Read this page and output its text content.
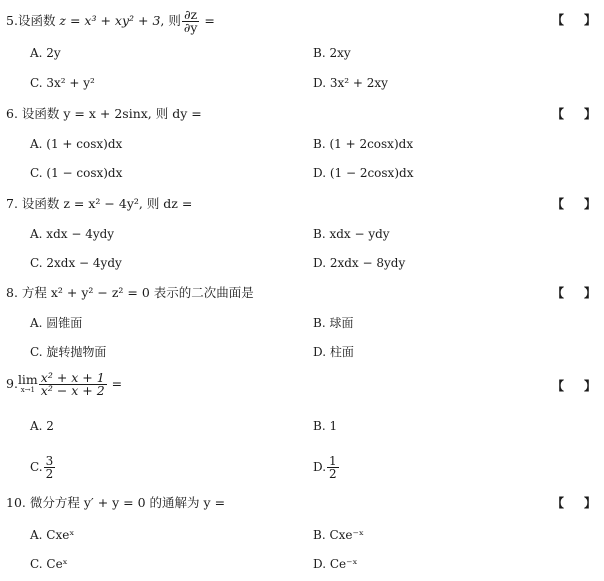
5.设函数 z = x³ + xy² + 3, 则 $\frac{\partial z}{\partial y}$ =	【 】
A. 2y	B. 2xy
C. 3x² + y²	D. 3x² + 2xy
6. 设函数 y = x + 2sinx, 则 dy =	【 】
A. (1 + cosx)dx	B. (1 + 2cosx)dx
C. (1 − cosx)dx	D. (1 − 2cosx)dx
7. 设函数 z = x² − 4y², 则 dz =	【 】
A. xdx − 4ydy	B. xdx − ydy
C. 2xdx − 4ydy	D. 2xdx − 8ydy
8. 方程 x² + y² − z² = 0 表示的二次曲面是	【 】
A. 圆锥面	B. 球面
C. 旋转抛物面	D. 柱面
9. lim
$x\to 1 \frac{\text{x² + x + 1}}{\text{x² − x + 2}}$ =	【 】
A. 2	B. 1
C. $\frac{3}{2}$	D. $\frac{1}{2}$
10. 微分方程 y′ + y = 0 的通解为 y =	【 】
A. Cxeˣ	B. Cxe⁻ˣ
C. Ceˣ	D. Ce⁻ˣ
